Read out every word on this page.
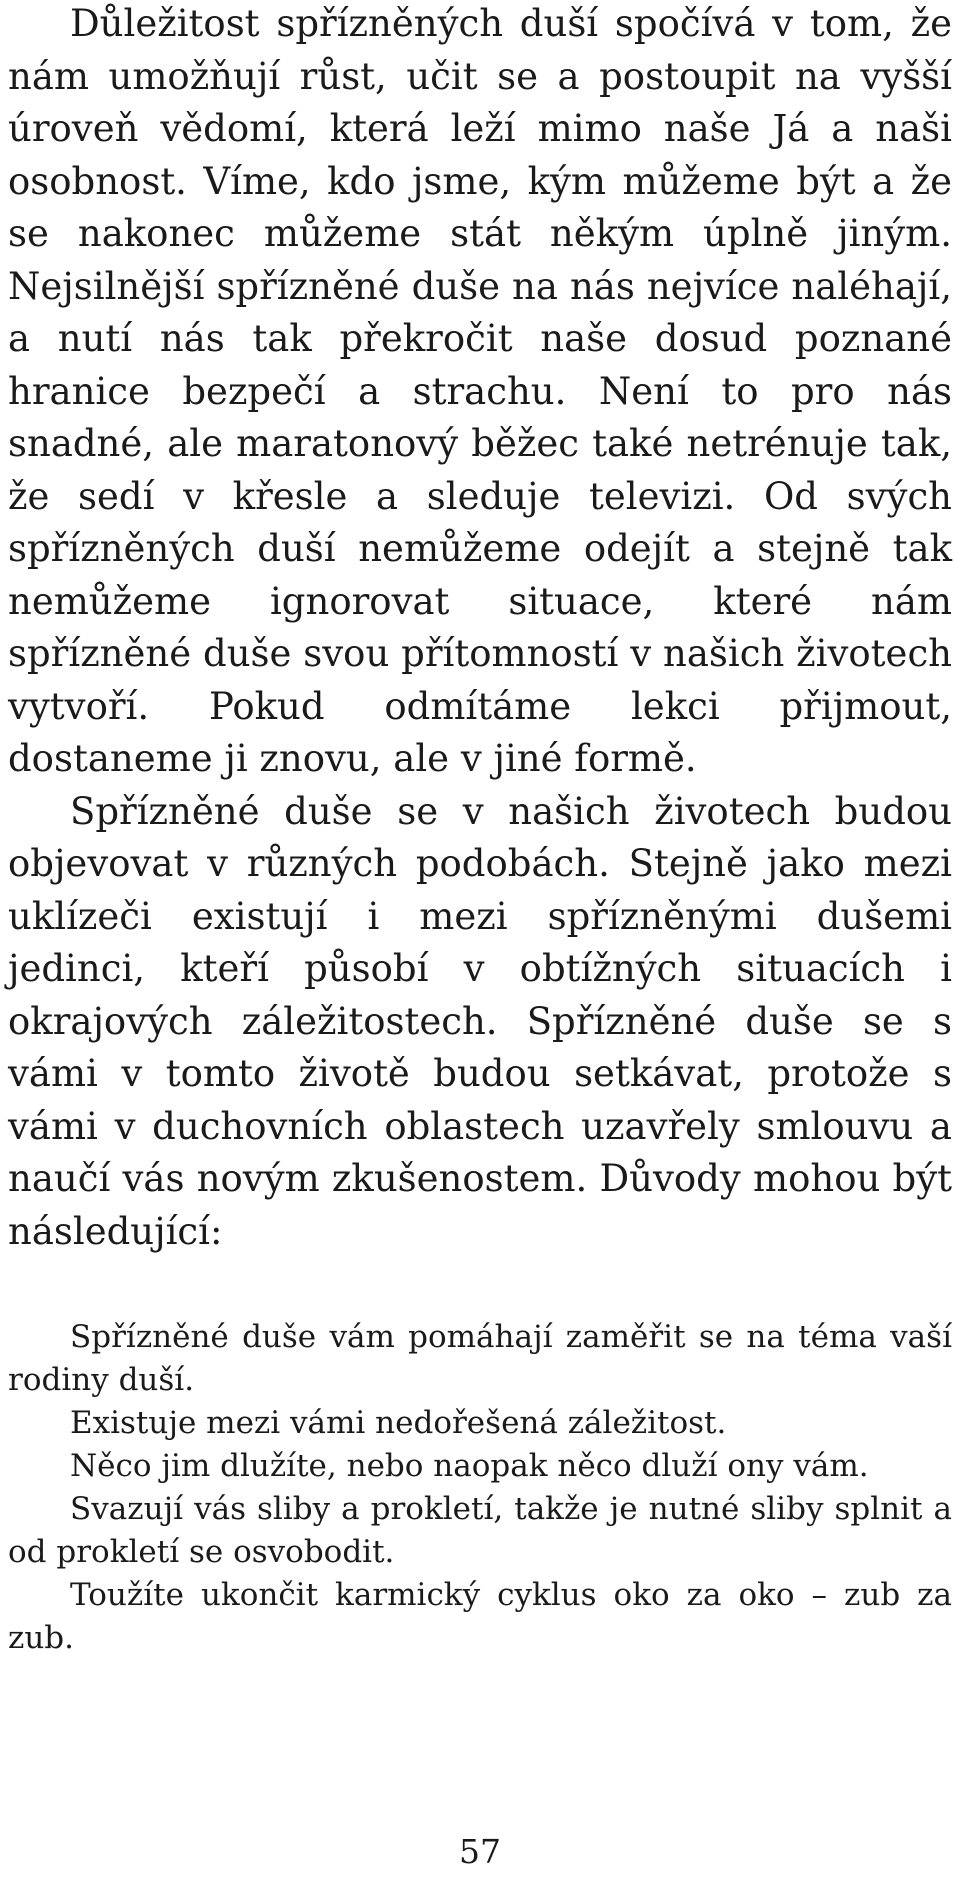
Důležitost spřízněných duší spočívá v tom, že nám umožňují růst, učit se a postoupit na vyšší úroveň vědomí, která leží mimo naše Já a naši osobnost. Víme, kdo jsme, kým můžeme být a že se nakonec můžeme stát někým úplně jiným. Nejsilnější spřízněné duše na nás nejvíce naléhají, a nutí nás tak překročit naše dosud poznané hranice bezpečí a strachu. Není to pro nás snadné, ale maratonový běžec také netrénuje tak, že sedí v křesle a sleduje televizi. Od svých spřízněných duší nemůžeme odejít a stejně tak nemůžeme ignorovat situace, které nám spřízněné duše svou přítomností v našich životech vytvoří. Pokud odmítáme lekci přijmout, dostaneme ji znovu, ale v jiné formě.

Spřízněné duše se v našich životech budou objevovat v různých podobách. Stejně jako mezi uklízeči existují i mezi spřízněnými dušemi jedinci, kteří působí v obtížných situacích i okrajových záležitostech. Spřízněné duše se s vámi v tomto životě budou setkávat, protože s vámi v duchovních oblastech uzavřely smlouvu a naučí vás novým zkušenostem. Důvody mohou být následující:

Spřízněné duše vám pomáhají zaměřit se na téma vaší rodiny duší.
Existuje mezi vámi nedořešená záležitost.
Něco jim dlužíte, nebo naopak něco dluží ony vám.
Svazují vás sliby a prokletí, takže je nutné sliby splnit a od prokletí se osvobodit.
Toužíte ukončit karmický cyklus oko za oko – zub za zub.
57
